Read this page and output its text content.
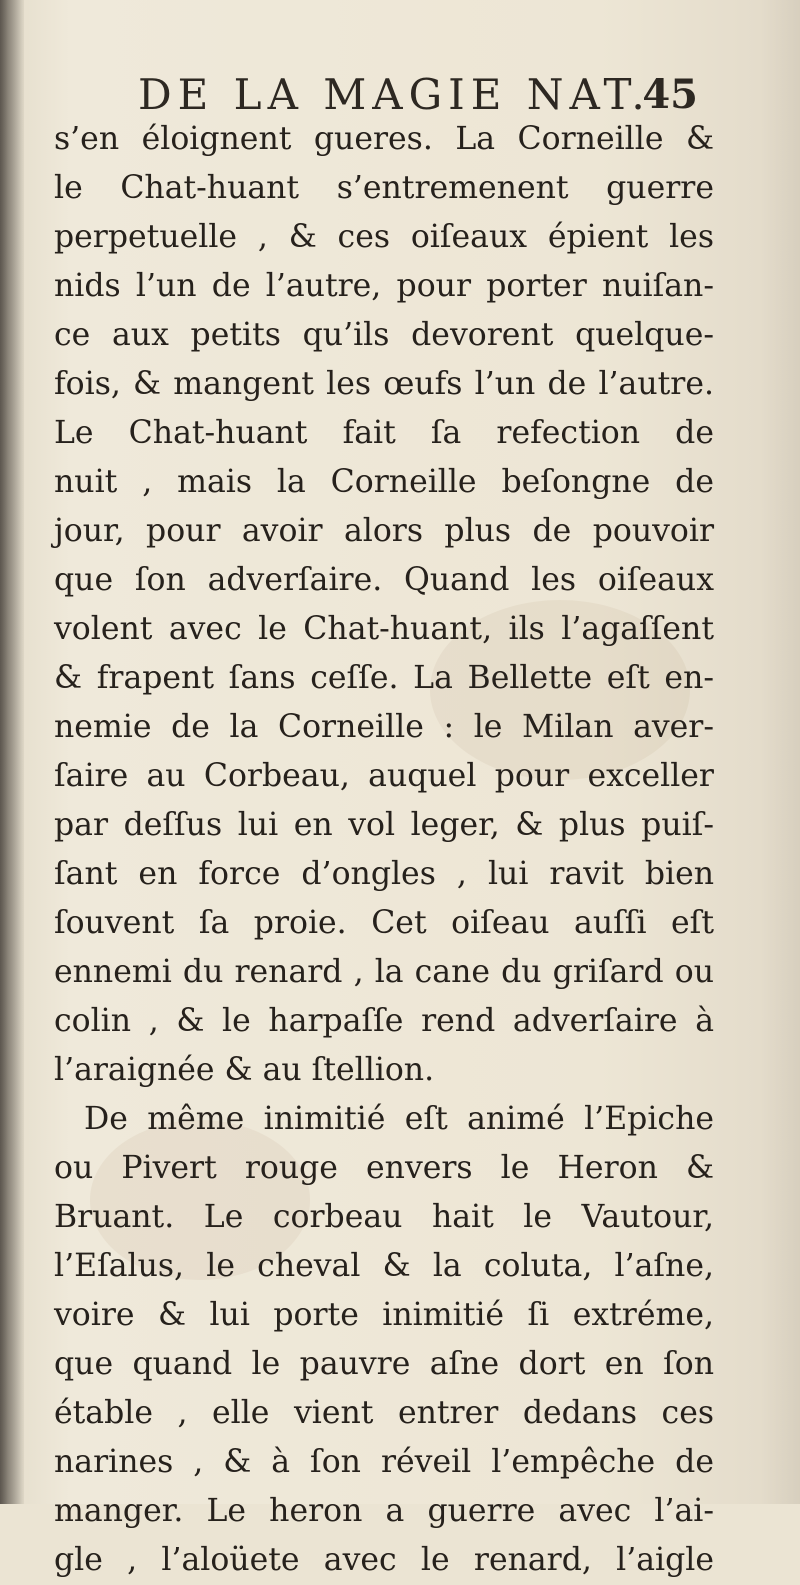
DE LA MAGIE NAT.
45
s’en éloignent gueres. La Corneille &
le Chat-huant s’entremenent guerre
perpetuelle , & ces oiſeaux épient les
nids l’un de l’autre, pour porter nuiſan-
ce aux petits qu’ils devorent quelque-
fois, & mangent les œufs l’un de l’autre.
Le Chat-huant fait ſa refection de
nuit , mais la Corneille beſongne de
jour, pour avoir alors plus de pouvoir
que ſon adverſaire. Quand les oiſeaux
volent avec le Chat-huant, ils l’agaſſent
& frapent ſans ceſſe. La Bellette eſt en-
nemie de la Corneille : le Milan aver-
ſaire au Corbeau, auquel pour exceller
par deſſus lui en vol leger, & plus puiſ-
ſant en force d’ongles , lui ravit bien
ſouvent ſa proie. Cet oiſeau auſſi eſt
ennemi du renard , la cane du griſard ou
colin , & le harpaſſe rend adverſaire à
l’araignée & au ſtellion.
De même inimitié eſt animé l’Epiche
ou Pivert rouge envers le Heron &
Bruant. Le corbeau hait le Vautour,
l’Eſalus, le cheval & la coluta, l’aſne,
voire & lui porte inimitié ſi extréme,
que quand le pauvre aſne dort en ſon
étable , elle vient entrer dedans ces
narines , & à ſon réveil l’empêche de
manger. Le heron a guerre avec l’ai-
gle , l’aloüete avec le renard, l’aigle
